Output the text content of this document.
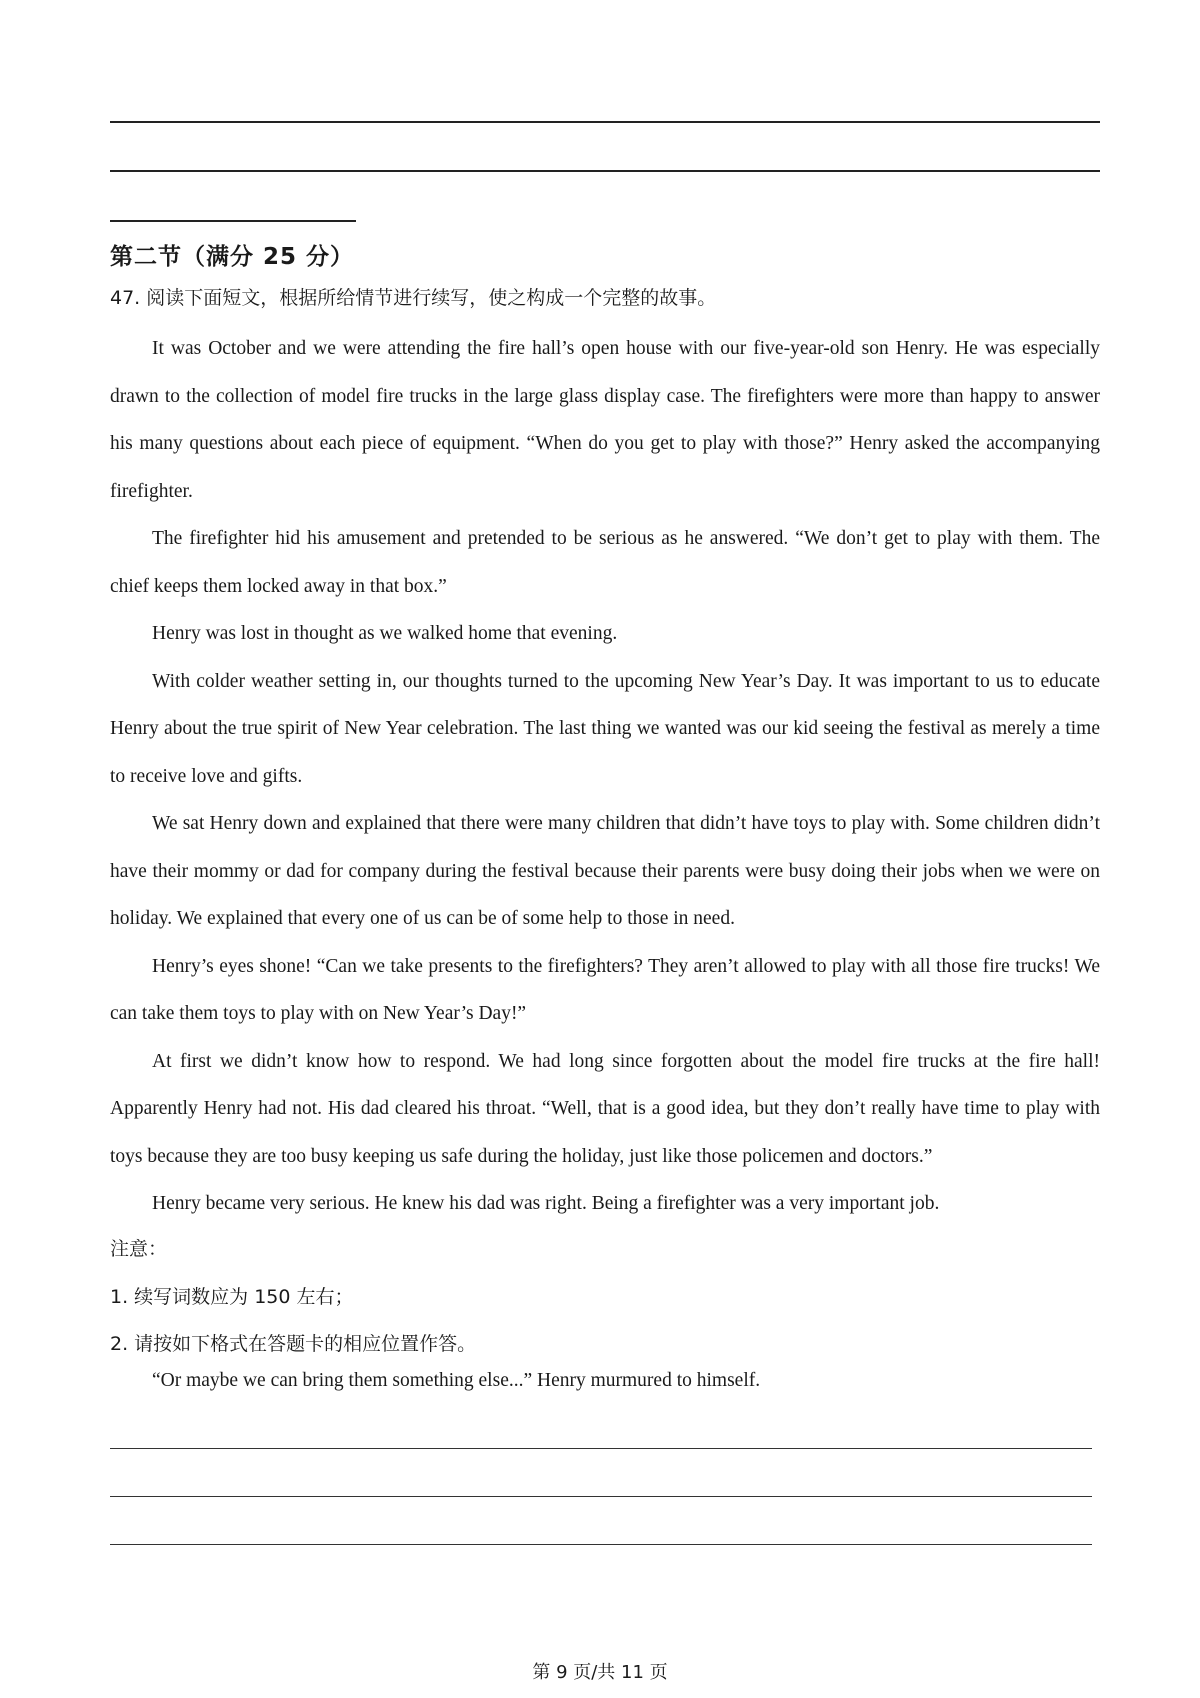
第二节（满分 25 分）

47. 阅读下面短文，根据所给情节进行续写，使之构成一个完整的故事。

It was October and we were attending the fire hall’s open house with our five-year-old son Henry. He was especially drawn to the collection of model fire trucks in the large glass display case. The firefighters were more than happy to answer his many questions about each piece of equipment. “When do you get to play with those?” Henry asked the accompanying firefighter.

The firefighter hid his amusement and pretended to be serious as he answered. “We don’t get to play with them. The chief keeps them locked away in that box.”

Henry was lost in thought as we walked home that evening.

With colder weather setting in, our thoughts turned to the upcoming New Year’s Day. It was important to us to educate Henry about the true spirit of New Year celebration. The last thing we wanted was our kid seeing the festival as merely a time to receive love and gifts.

We sat Henry down and explained that there were many children that didn’t have toys to play with. Some children didn’t have their mommy or dad for company during the festival because their parents were busy doing their jobs when we were on holiday. We explained that every one of us can be of some help to those in need.

Henry’s eyes shone! “Can we take presents to the firefighters? They aren’t allowed to play with all those fire trucks! We can take them toys to play with on New Year’s Day!”

At first we didn’t know how to respond. We had long since forgotten about the model fire trucks at the fire hall! Apparently Henry had not. His dad cleared his throat. “Well, that is a good idea, but they don’t really have time to play with toys because they are too busy keeping us safe during the holiday, just like those policemen and doctors.”

Henry became very serious. He knew his dad was right. Being a firefighter was a very important job.

注意：

1. 续写词数应为 150 左右；

2. 请按如下格式在答题卡的相应位置作答。

“Or maybe we can bring them something else...” Henry murmured to himself.

第 9 页/共 11 页
